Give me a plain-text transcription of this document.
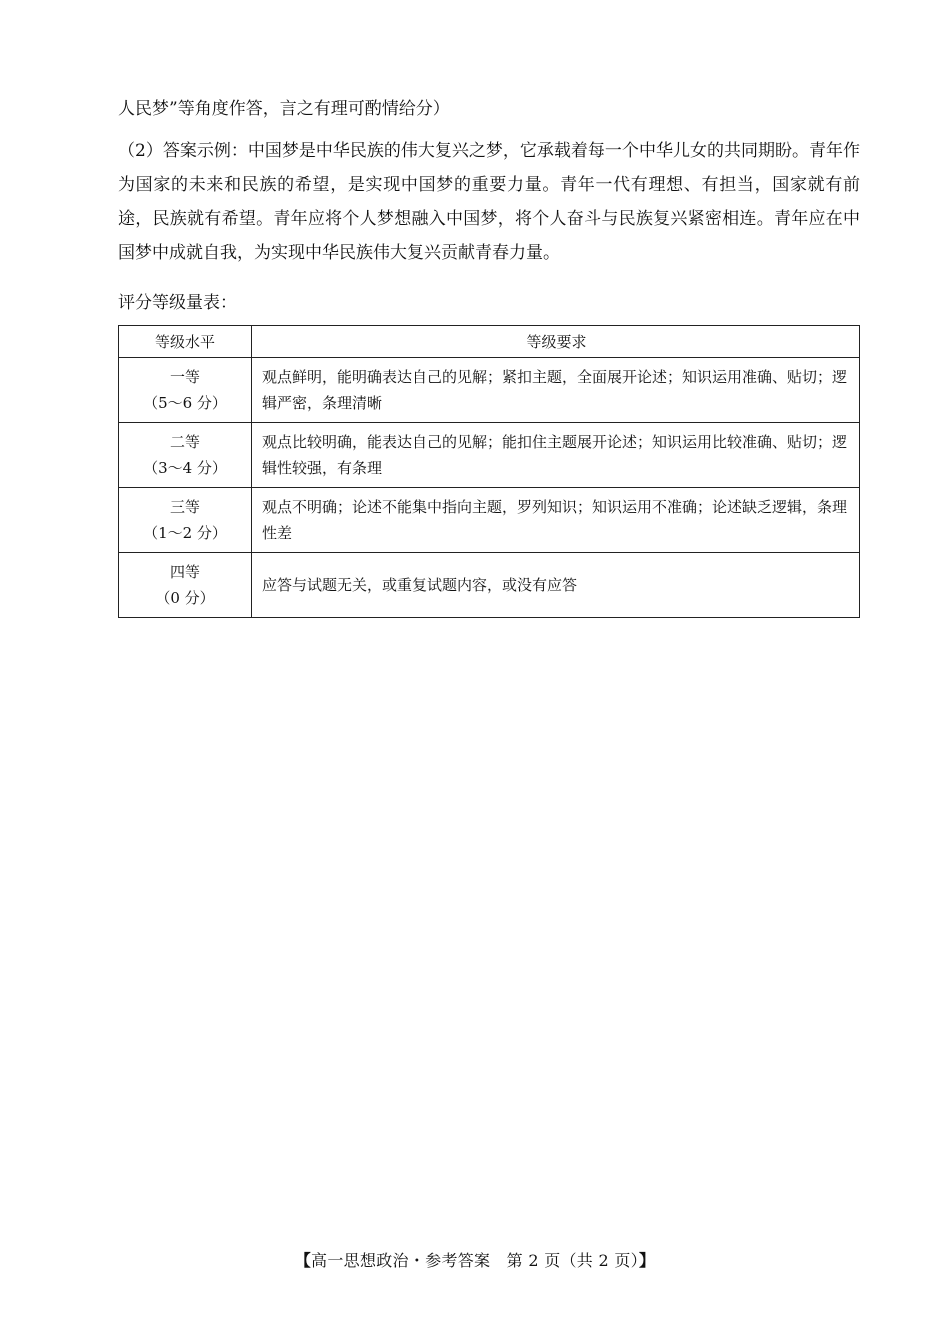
人民梦”等角度作答，言之有理可酌情给分）

（2）答案示例：中国梦是中华民族的伟大复兴之梦，它承载着每一个中华儿女的共同期盼。青年作为国家的未来和民族的希望，是实现中国梦的重要力量。青年一代有理想、有担当，国家就有前途，民族就有希望。青年应将个人梦想融入中国梦，将个人奋斗与民族复兴紧密相连。青年应在中国梦中成就自我，为实现中华民族伟大复兴贡献青春力量。

评分等级量表：

等级水平	等级要求

一等
（5～6 分）	观点鲜明，能明确表达自己的见解；紧扣主题，全面展开论述；知识运用准确、贴切；逻辑严密，条理清晰

二等
（3～4 分）	观点比较明确，能表达自己的见解；能扣住主题展开论述；知识运用比较准确、贴切；逻辑性较强，有条理

三等
（1～2 分）	观点不明确；论述不能集中指向主题，罗列知识；知识运用不准确；论述缺乏逻辑，条理性差

四等
（0 分）	应答与试题无关，或重复试题内容，或没有应答
【高一思想政治・参考答案　第 2 页（共 2 页）】
